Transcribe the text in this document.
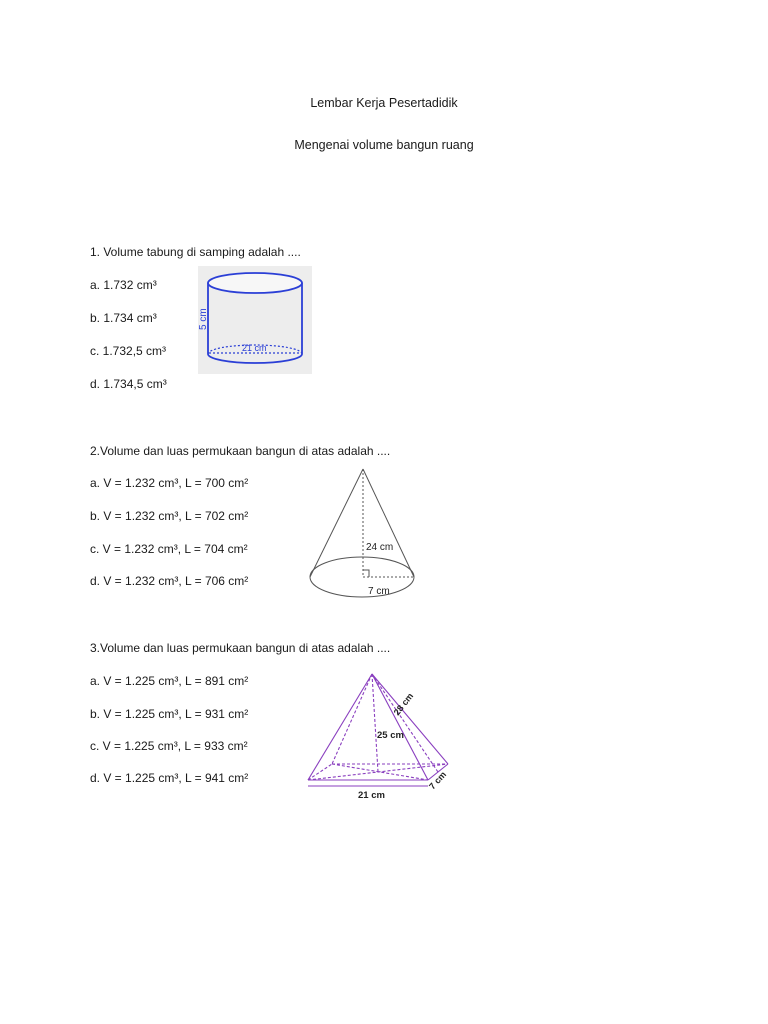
Lembar Kerja Pesertadidik
Mengenai volume bangun ruang
1. Volume tabung di samping adalah ....
a. 1.732 cm³
b. 1.734 cm³
c. 1.732,5 cm³
d. 1.734,5 cm³
5 cm
21 cm
2.Volume dan luas permukaan bangun di atas adalah ....
a. V = 1.232 cm³, L = 700 cm²
b. V = 1.232 cm³, L = 702 cm²
c. V = 1.232 cm³, L = 704 cm²
d. V = 1.232 cm³, L = 706 cm²
24 cm
7 cm
3.Volume dan luas permukaan bangun di atas adalah ....
a. V = 1.225 cm³, L = 891 cm²
b. V = 1.225 cm³, L = 931 cm²
c. V = 1.225 cm³, L = 933 cm²
d. V = 1.225 cm³, L = 941 cm²
28 cm
25 cm
21 cm
7 cm
